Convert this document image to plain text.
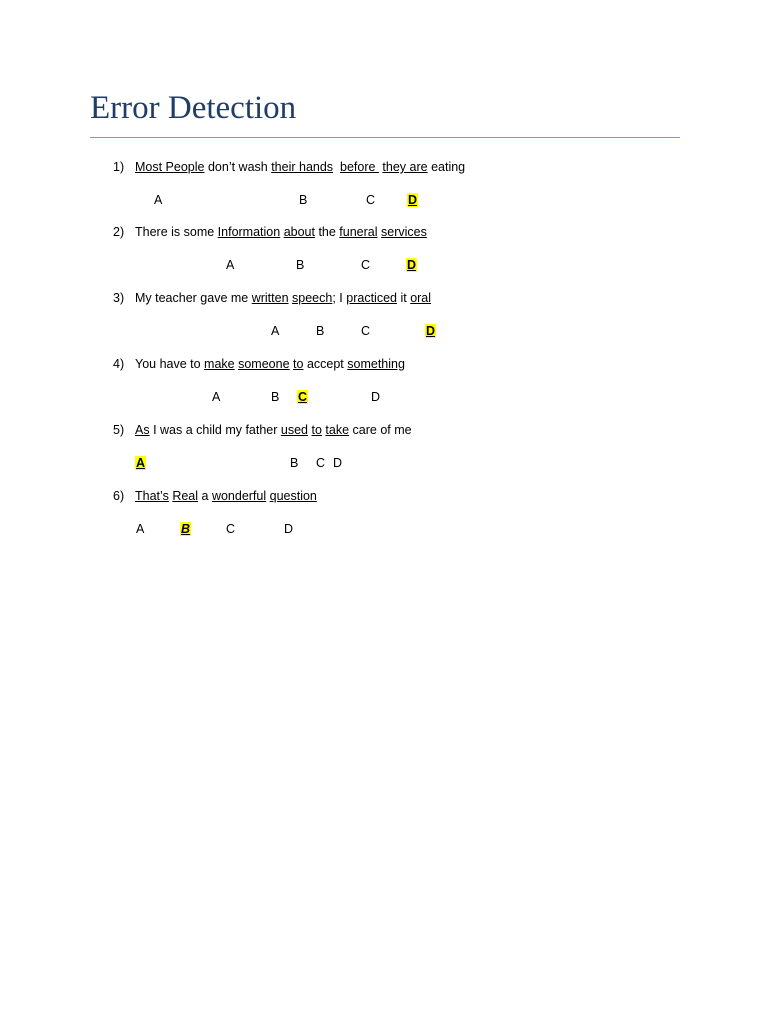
Error Detection
1) Most People don’t wash their hands before  they are eating
A	B	C	D
2) There is some Information about the funeral services
A	B	C	D
3) My teacher gave me written speech; I practiced it oral
A	B	C	D
4) You have to make someone to accept something
A	B C	D
5) As I was a child my father used to take care of me
A	B C D
6) That’s Real a wonderful question
A	B	C	D
